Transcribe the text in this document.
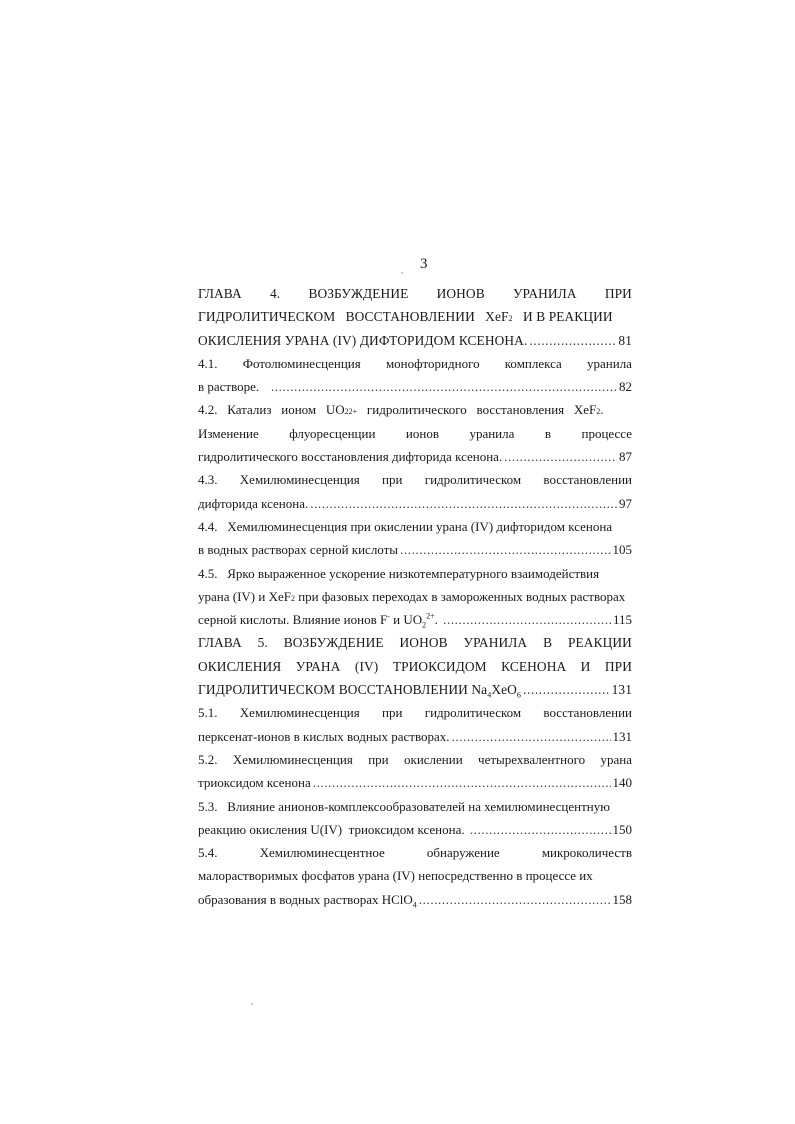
3
ГЛАВА 4. ВОЗБУЖДЕНИЕ ИОНОВ УРАНИЛА ПРИ
ГИДРОЛИТИЧЕСКОМ   ВОССТАНОВЛЕНИИ   XeF 2 И В РЕАКЦИИ
ОКИСЛЕНИЯ УРАНА (IV) ДИФТОРИДОМ КСЕНОНА. .....	81
4.1. Фотолюминесценция монофторидного комплекса уранила
в растворе. .....	82
4.2.   Катализ   ионом   UO 2 2+ гидролитического   восстановления   XeF 2 .
Изменение флуоресценции ионов уранила в процессе
гидролитического восстановления дифторида ксенона. .....	87
4.3. Хемилюминесценция при гидролитическом восстановлении
дифторида ксенона. .....	97
4.4.   Хемилюминесценция при окислении урана (IV) дифторидом ксенона
в водных растворах серной кислоты .....	105
4.5.   Ярко выраженное ускорение низкотемпературного взаимодействия
урана (IV) и XeF 2 при фазовых переходах в замороженных водных растворах
серной кислоты. Влияние ионов F- и $UO_2^{2+}$. .....	115
ГЛАВА 5. ВОЗБУЖДЕНИЕ ИОНОВ УРАНИЛА В РЕАКЦИИ
ОКИСЛЕНИЯ УРАНА (IV) ТРИОКСИДОМ КСЕНОНА И ПРИ
ГИДРОЛИТИЧЕСКОМ ВОССТАНОВЛЕНИИ $Na_4XeO_6$ .....	131
5.1. Хемилюминесценция при гидролитическом восстановлении
перксенат-ионов в кислых водных растворах. .....	131
5.2. Хемилюминесценция при окислении четырехвалентного урана
триоксидом ксенона .....	140
5.3.   Влияние анионов-комплексообразователей на хемилюминесцентную
реакцию окисления U(IV)  триоксидом ксенона. .....	150
5.4.	Хемилюминесцентное	обнаружение	микроколичеств
малорастворимых фосфатов урана (IV) непосредственно в процессе их
образования в водных растворах HClO$_4$ .....	158
